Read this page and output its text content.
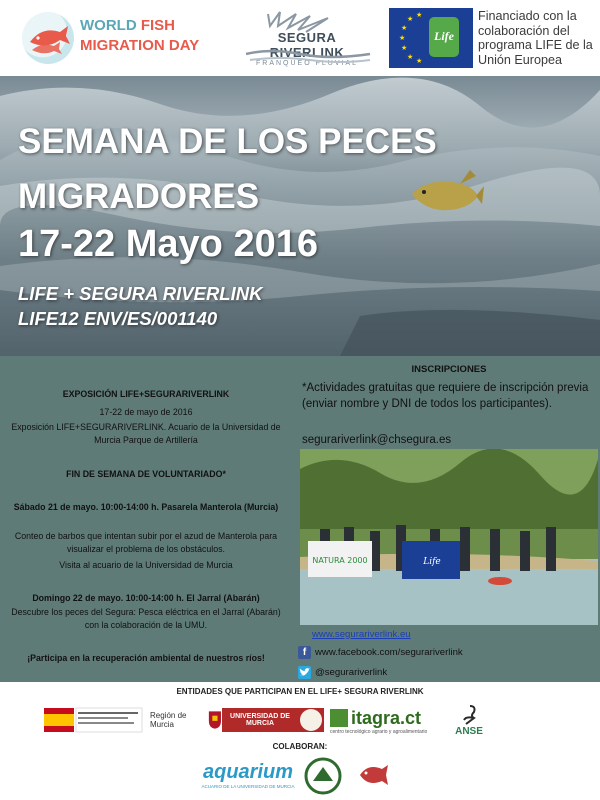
WORLD FISH
MIGRATION DAY	SEGURA RIVERLINK
FRANQUEO FLUVIAL
★
★
★
★
★ ★
★
Life
Financiado con la colaboración del programa LIFE de la Unión Europea
SEMANA DE LOS PECES
MIGRADORES
17-22 Mayo 2016
LIFE + SEGURA RIVERLINK
LIFE12 ENV/ES/001140
EXPOSICIÓN LIFE+SEGURARIVERLINK
17-22 de mayo de 2016
Exposición LIFE+SEGURARIVERLINK. Acuario de la Universidad de Murcia Parque de Artillería
FIN DE SEMANA DE VOLUNTARIADO*
Sábado 21 de mayo. 10:00-14:00 h. Pasarela Manterola (Murcia)
Conteo de barbos que intentan subir por el azud de Manterola para visualizar el problema de los obstáculos.
Visita al acuario de la Universidad de Murcia
Domingo 22 de mayo. 10:00-14:00 h. El Jarral (Abarán)
Descubre los peces del Segura: Pesca eléctrica en el Jarral (Abarán) con la colaboración de la UMU.
¡Participa en la recuperación ambiental de nuestros ríos!
INSCRIPCIONES
*Actividades gratuitas que requiere de inscripción previa (enviar nombre y DNI de todos los participantes).
segurariverlink@chsegura.es
NATURA 2000	Life
www.segurariverlink.eu
f www.facebook.com/segurariverlink
@segurariverlink
ENTIDADES QUE PARTICIPAN EN EL LIFE+ SEGURA RIVERLINK
Región de Murcia
UNIVERSIDAD DE MURCIA	itagra.ct
centro tecnológico agrario y agroalimentario	ANSE
COLABORAN:
aquarium
ACUARIO DE LA UNIVERSIDAD DE MURCIA
